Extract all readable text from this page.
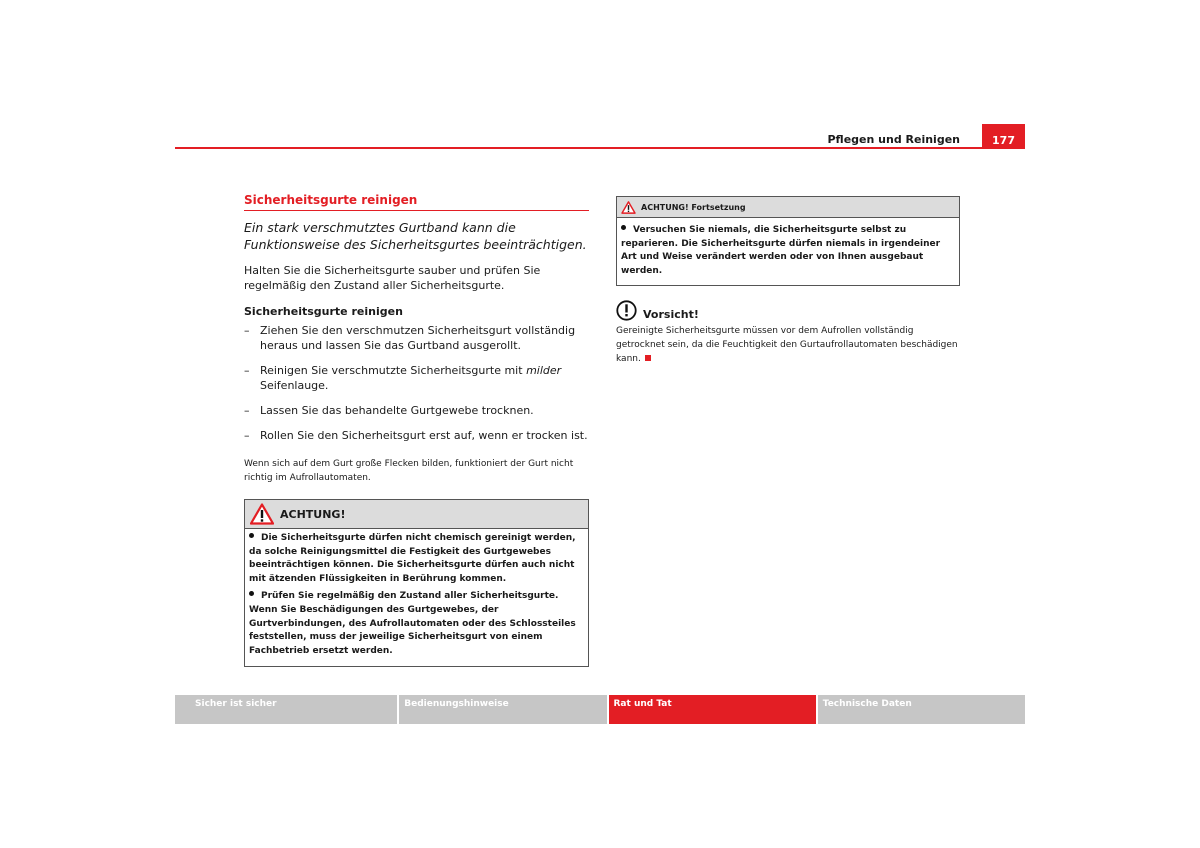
Pflegen und Reinigen	177
Sicherheitsgurte reinigen

Ein stark verschmutztes Gurtband kann die Funktionsweise des Sicherheitsgurtes beeinträchtigen.

Halten Sie die Sicherheitsgurte sauber und prüfen Sie regelmäßig den Zustand aller Sicherheitsgurte.

Sicherheitsgurte reinigen

– Ziehen Sie den verschmutzen Sicherheitsgurt vollständig heraus und lassen Sie das Gurtband ausgerollt.
– Reinigen Sie verschmutzte Sicherheitsgurte mit milder Seifenlauge.
– Lassen Sie das behandelte Gurtgewebe trocknen.
– Rollen Sie den Sicherheitsgurt erst auf, wenn er trocken ist.

Wenn sich auf dem Gurt große Flecken bilden, funktioniert der Gurt nicht richtig im Aufrollautomaten.

ACHTUNG!

Die Sicherheitsgurte dürfen nicht chemisch gereinigt werden, da solche Reinigungsmittel die Festigkeit des Gurtgewebes beeinträchtigen können. Die Sicherheitsgurte dürfen auch nicht mit ätzenden Flüssigkeiten in Berührung kommen.

Prüfen Sie regelmäßig den Zustand aller Sicherheitsgurte. Wenn Sie Beschädigungen des Gurtgewebes, der Gurtverbindungen, des Aufrollautomaten oder des Schlossteiles feststellen, muss der jeweilige Sicherheitsgurt von einem Fachbetrieb ersetzt werden.

ACHTUNG! Fortsetzung

Versuchen Sie niemals, die Sicherheitsgurte selbst zu reparieren. Die Sicherheitsgurte dürfen niemals in irgendeiner Art und Weise verändert werden oder von Ihnen ausgebaut werden.

Vorsicht!

Gereinigte Sicherheitsgurte müssen vor dem Aufrollen vollständig getrocknet sein, da die Feuchtigkeit den Gurtaufrollautomaten beschädigen kann.

Sicher ist sicher	Bedienungshinweise	Rat und Tat	Technische Daten
